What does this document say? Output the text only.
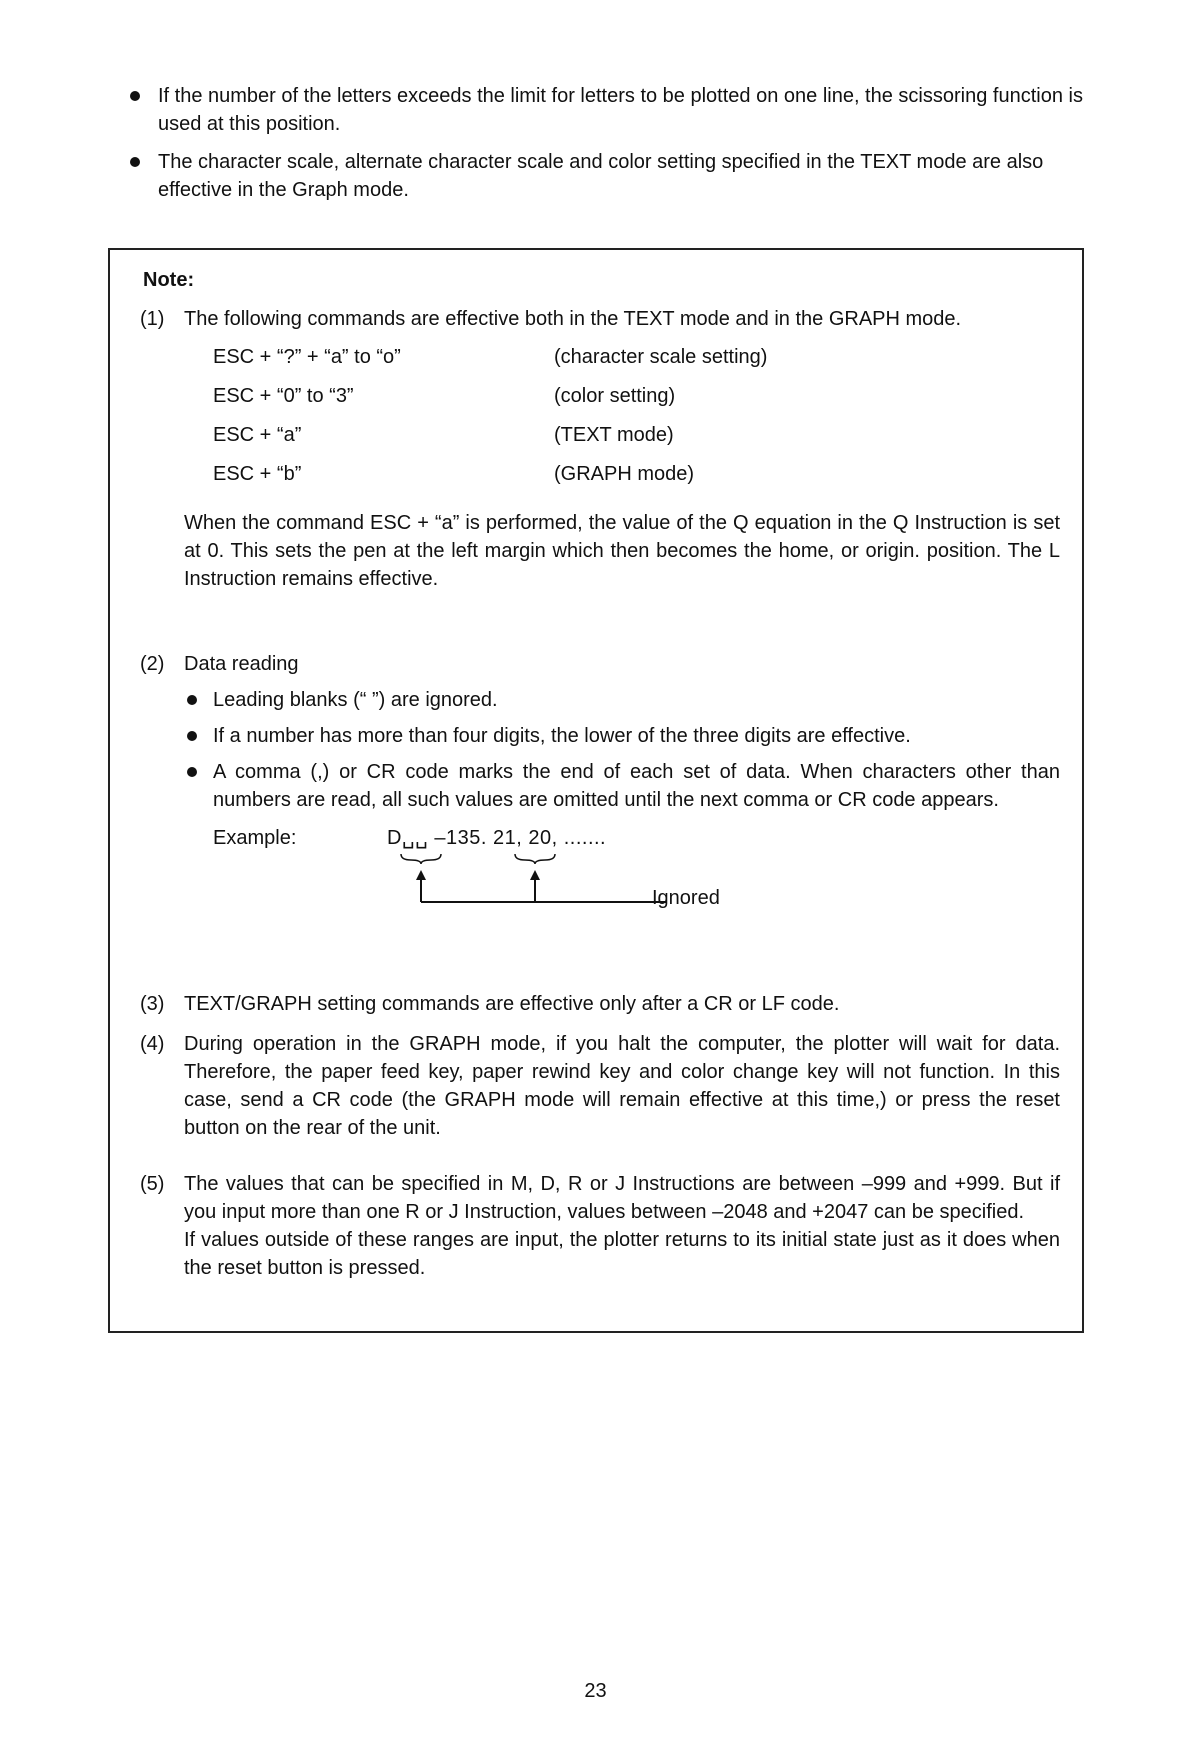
If the number of the letters exceeds the limit for letters to be plotted on one line, the scissoring function is used at this position.
The character scale, alternate character scale and color setting specified in the TEXT mode are also effective in the Graph mode.
Note:
(1) The following commands are effective both in the TEXT mode and in the GRAPH mode.
ESC + “?” + “a” to “o”	(character scale setting)
ESC + “0” to “3”	(color setting)
ESC + “a”	(TEXT mode)
ESC + “b”	(GRAPH mode)
When the command ESC + “a” is performed, the value of the Q equation in the Q Instruction is set at 0. This sets the pen at the left margin which then becomes the home, or origin. position. The L Instruction remains effective.
(2) Data reading
Leading blanks (“ ”) are ignored.
If a number has more than four digits, the lower of the three digits are effective.
A comma (,) or CR code marks the end of each set of data. When characters other than numbers are read, all such values are omitted until the next comma or CR code appears.
Example:	D␣␣ –135. 21, 20, .......
Ignored
(3) TEXT/GRAPH setting commands are effective only after a CR or LF code.
(4) During operation in the GRAPH mode, if you halt the computer, the plotter will wait for data. Therefore, the paper feed key, paper rewind key and color change key will not function. In this case, send a CR code (the GRAPH mode will remain effective at this time,) or press the reset button on the rear of the unit.
(5) The values that can be specified in M, D, R or J Instructions are between –999 and +999. But if you input more than one R or J Instruction, values between –2048 and +2047 can be specified.
If values outside of these ranges are input, the plotter returns to its initial state just as it does when the reset button is pressed.
23
